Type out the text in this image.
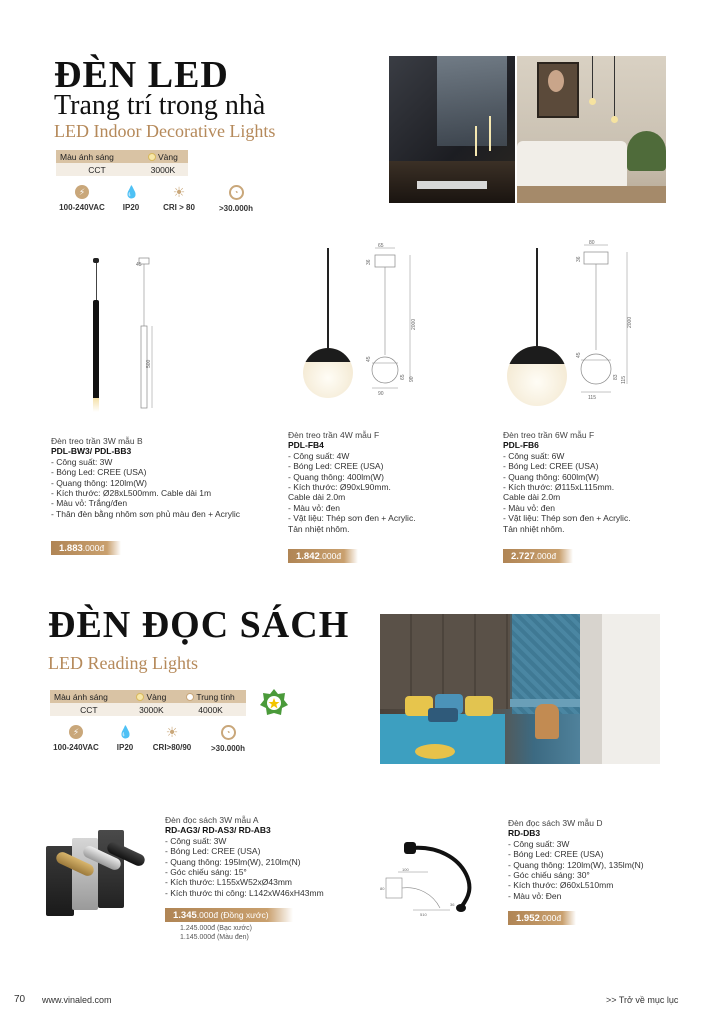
ĐÈN LED
Trang trí trong nhà
LED Indoor Decorative Lights
Màu ánh sáng	Vàng
CCT	3000K
⚡
100-240VAC
💧
IP20
☀
CRI > 80
◔
>30.000h
45
500
Đèn treo trần 3W mẫu B
PDL-BW3/ PDL-BB3
- Công suất: 3W
- Bóng Led: CREE (USA)
- Quang thông: 120lm(W)
- Kích thước: Ø28xL500mm. Cable dài 1m
- Màu vỏ: Trắng/đen
- Thân đèn bằng nhôm sơn phủ màu đen + Acrylic
1.883.000đ
65
36
2000
45
65 90
90
Đèn treo trần 4W mẫu F
PDL-FB4
- Công suất: 4W
- Bóng Led: CREE (USA)
- Quang thông: 400lm(W)
- Kích thước: Ø90xL90mm.
Cable dài 2.0m
- Màu vỏ: đen
- Vật liệu: Thép sơn đen + Acrylic.
Tản nhiệt nhôm.
1.842.000đ
80
36
2000
45
83 115
115
Đèn treo trần 6W mẫu F
PDL-FB6
- Công suất: 6W
- Bóng Led: CREE (USA)
- Quang thông: 600lm(W)
- Kích thước: Ø115xL115mm.
Cable dài 2.0m
- Màu vỏ: đen
- Vật liệu: Thép sơn đen + Acrylic.
Tản nhiệt nhôm.
2.727.000đ
ĐÈN ĐỌC SÁCH
LED Reading Lights
Màu ánh sáng	Vàng	Trung tính
CCT	3000K	4000K
⚡
100-240VAC
💧
IP20
☀
CRI>80/90
◔
>30.000h
Đèn đọc sách 3W mẫu A
RD-AG3/ RD-AS3/ RD-AB3
- Công suất: 3W
- Bóng Led: CREE (USA)
- Quang thông: 195lm(W), 210lm(N)
- Góc chiếu sáng: 15°
- Kích thước: L155xW52xØ43mm
- Kích thước thi công: L142xW46xH43mm
1.345.000đ (Đồng xước)
1.245.000đ (Bạc xước)
1.145.000đ (Màu đen)
100
80
510
36
Đèn đọc sách 3W mẫu D
RD-DB3
- Công suất: 3W
- Bóng Led: CREE (USA)
- Quang thông: 120lm(W), 135lm(N)
- Góc chiếu sáng: 30°
- Kích thước: Ø60xL510mm
- Màu vỏ: Đen
1.952.000đ
70 www.vinaled.com	>> Trở về mục lục
